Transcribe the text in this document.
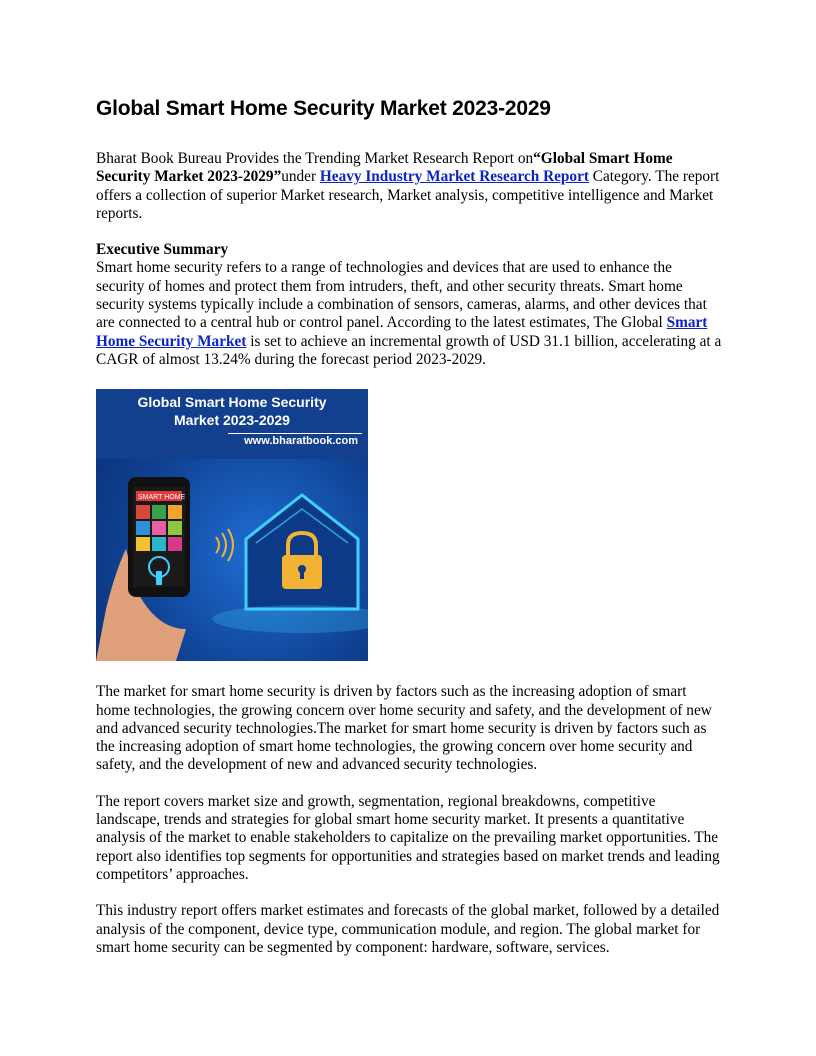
Global Smart Home Security Market 2023-2029

Bharat Book Bureau Provides the Trending Market Research Report on“Global Smart Home Security Market 2023-2029”under Heavy Industry Market Research Report Category. The report offers a collection of superior Market research, Market analysis, competitive intelligence and Market reports.

Executive Summary

Smart home security refers to a range of technologies and devices that are used to enhance the security of homes and protect them from intruders, theft, and other security threats. Smart home security systems typically include a combination of sensors, cameras, alarms, and other devices that are connected to a central hub or control panel. According to the latest estimates, The Global Smart Home Security Market is set to achieve an incremental growth of USD 31.1 billion, accelerating at a CAGR of almost 13.24% during the forecast period 2023-2029.

Global Smart Home Security
Market 2023-2029
www.bharatbook.com
SMART HOME

The market for smart home security is driven by factors such as the increasing adoption of smart home technologies, the growing concern over home security and safety, and the development of new and advanced security technologies.The market for smart home security is driven by factors such as the increasing adoption of smart home technologies, the growing concern over home security and safety, and the development of new and advanced security technologies.

The report covers market size and growth, segmentation, regional breakdowns, competitive landscape, trends and strategies for global smart home security market. It presents a quantitative analysis of the market to enable stakeholders to capitalize on the prevailing market opportunities. The report also identifies top segments for opportunities and strategies based on market trends and leading competitors’ approaches.

This industry report offers market estimates and forecasts of the global market, followed by a detailed analysis of the component, device type, communication module, and region. The global market for smart home security can be segmented by component: hardware, software, services.
